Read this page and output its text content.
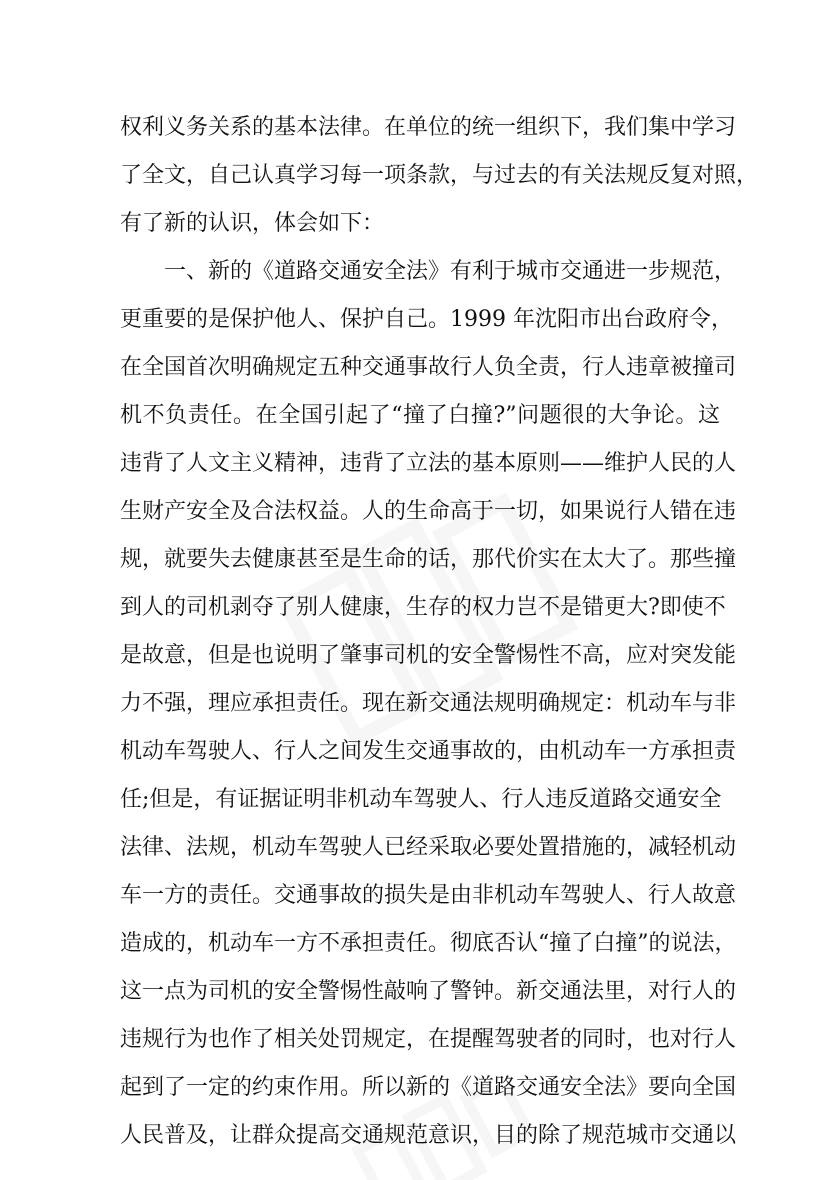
权利义务关系的基本法律。在单位的统一组织下，我们集中学习
了全文，自己认真学习每一项条款，与过去的有关法规反复对照，
有了新的认识，体会如下：
一、新的《道路交通安全法》有利于城市交通进一步规范，
更重要的是保护他人、保护自己。1999 年沈阳市出台政府令，
在全国首次明确规定五种交通事故行人负全责，行人违章被撞司
机不负责任。在全国引起了“撞了白撞?”问题很的大争论。这
违背了人文主义精神，违背了立法的基本原则——维护人民的人
生财产安全及合法权益。人的生命高于一切，如果说行人错在违
规，就要失去健康甚至是生命的话，那代价实在太大了。那些撞
到人的司机剥夺了别人健康，生存的权力岂不是错更大?即使不
是故意，但是也说明了肇事司机的安全警惕性不高，应对突发能
力不强，理应承担责任。现在新交通法规明确规定：机动车与非
机动车驾驶人、行人之间发生交通事故的，由机动车一方承担责
任;但是，有证据证明非机动车驾驶人、行人违反道路交通安全
法律、法规，机动车驾驶人已经采取必要处置措施的，减轻机动
车一方的责任。交通事故的损失是由非机动车驾驶人、行人故意
造成的，机动车一方不承担责任。彻底否认“撞了白撞”的说法，
这一点为司机的安全警惕性敲响了警钟。新交通法里，对行人的
违规行为也作了相关处罚规定，在提醒驾驶者的同时，也对行人
起到了一定的约束作用。所以新的《道路交通安全法》要向全国
人民普及，让群众提高交通规范意识，目的除了规范城市交通以
